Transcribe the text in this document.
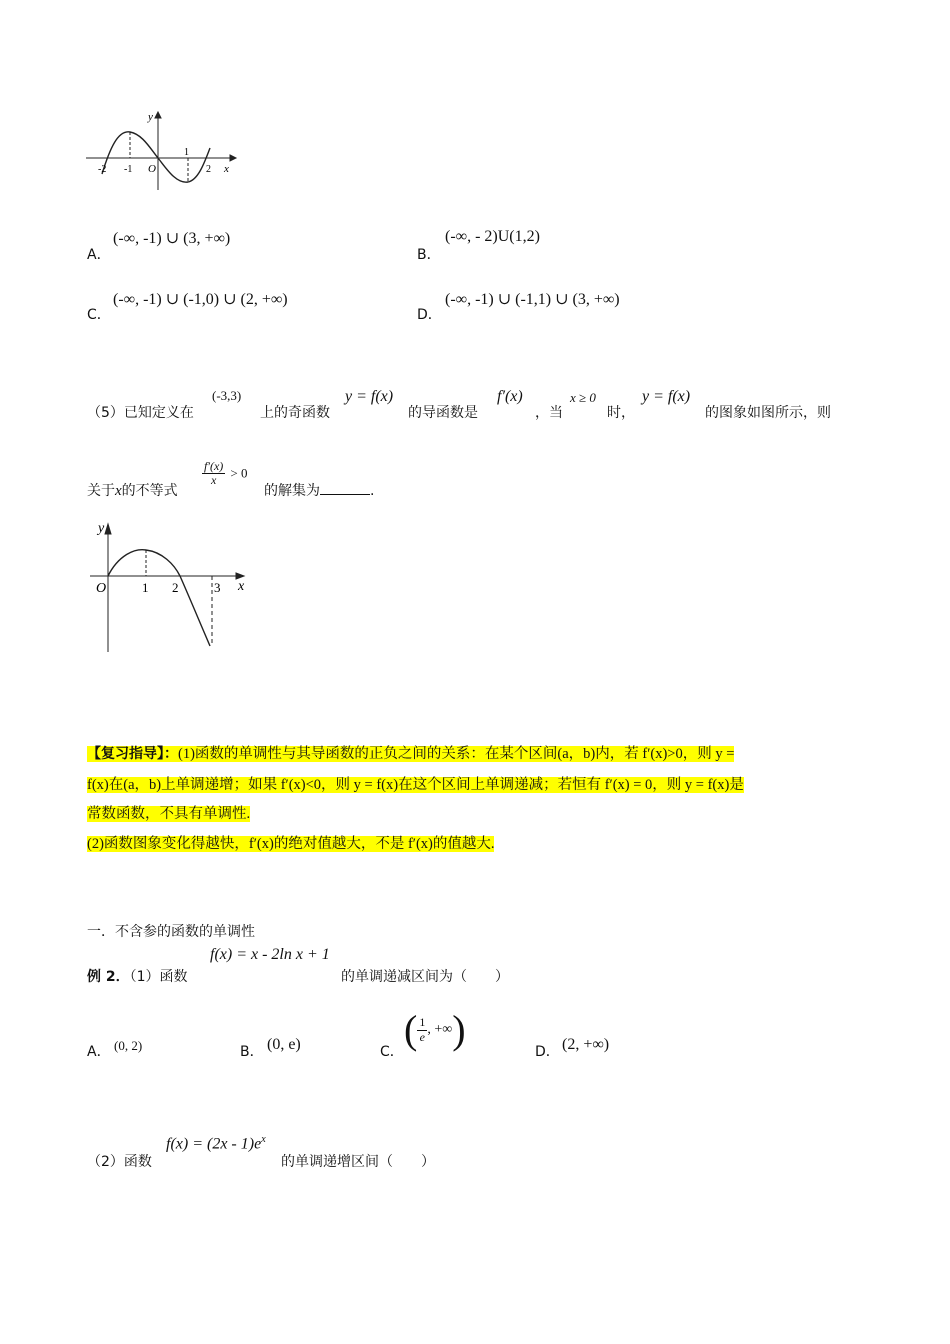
y
x
O
-2 -1
1
2
A．
(-∞, -1) ∪ (3, +∞)
B．
(-∞, - 2)U(1,2)
C．
(-∞, -1) ∪ (-1,0) ∪ (2, +∞)
D．
(-∞, -1) ∪ (-1,1) ∪ (3, +∞)
（5）已知定义在
(-3,3)
上的奇函数
y = f(x)
的导函数是
f′(x)
，当
x ≥ 0
时，
y = f(x)
的图象如图所示，则
关于x的不等式
$\frac{f'(x)}{x} > 0$
的解集为	.
y
x
O	1 2	3
【复习指导】：(1)函数的单调性与其导函数的正负之间的关系：在某个区间(a，b)内，若 f′(x)>0，则 y =
f(x)在(a，b)上单调递增；如果 f′(x)<0，则 y = f(x)在这个区间上单调递减；若恒有 f′(x) = 0，则 y = f(x)是
常数函数，不具有单调性.
(2)函数图象变化得越快，f′(x)的绝对值越大，不是 f′(x)的值越大.
一．不含参的函数的单调性
例 2．（1）函数
f(x) = x - 2ln x + 1
的单调递减区间为（　　）
A． (0, 2)	B． (0, e)	C． ( $\frac{1}{e}$ , +∞)	D． (2, +∞)
（2）函数
$f(x) = (2x - 1)e^x$
的单调递增区间（　　）
